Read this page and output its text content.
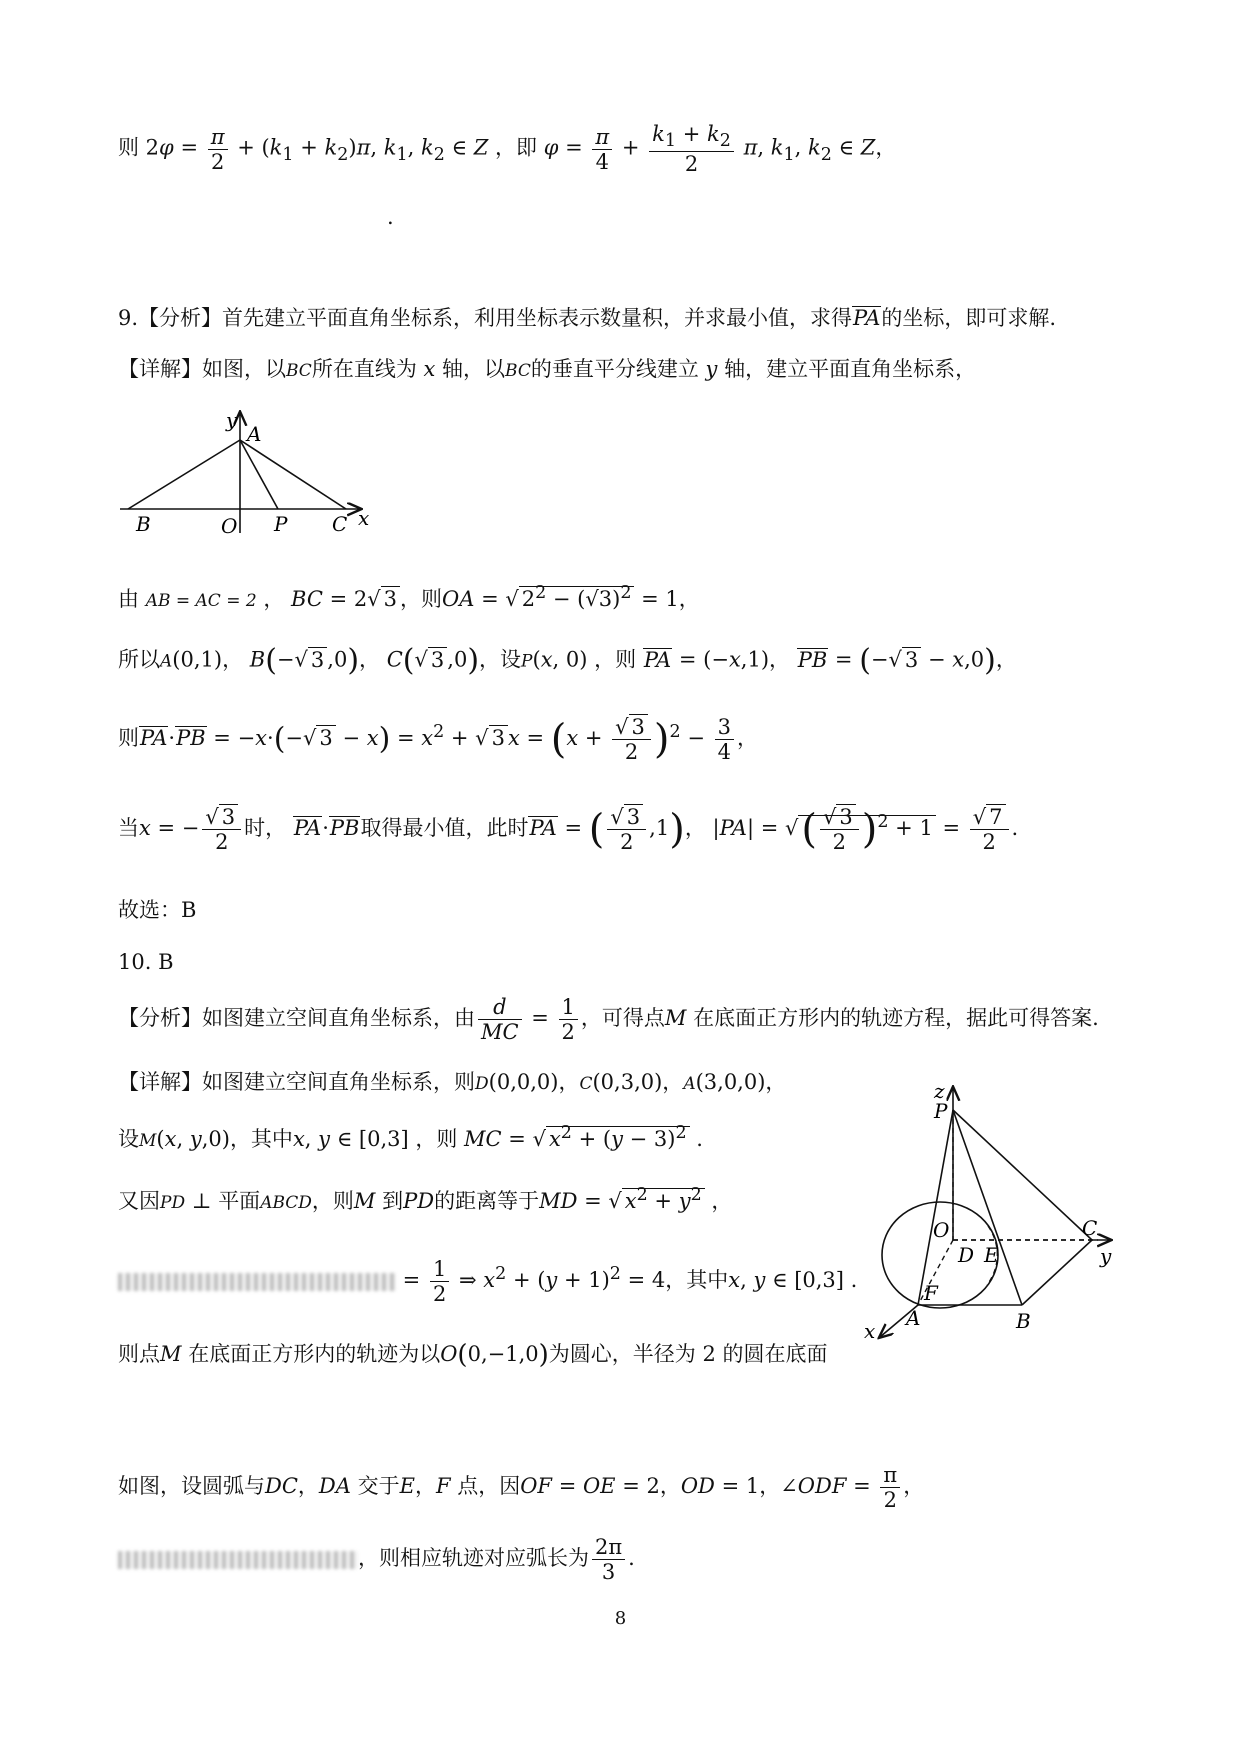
则 $2\varphi = \frac{\pi}{2} + (k_1 + k_2)\pi$, $k_1$, $k_2$ ∈ Z ，即 $\varphi = \frac{\pi}{4} + \frac{k_1 + k_2}{2} \pi$, $k_1$, $k_2$ ∈ Z，
.
9.【分析】首先建立平面直角坐标系，利用坐标表示数量积，并求最小值，求得PA的坐标，即可求解.
【详解】如图，以BC所在直线为 x 轴，以BC的垂直平分线建立 y 轴，建立平面直角坐标系，
y
A
B	O P C x
由 AB = AC = 2 ， BC = 2√ 3 ，则OA = √ $2^2 - (√3)^2 = 1$，
所以A(0,1)， B(−√ 3 ,0)， C(√ 3 ,0)，设P(x, 0) ，则 PA = (−x,1)， PB = (−√ 3 − x,0)，
则PA·PB = −x·(−√ $3 - x) = x^2$ + √ 3 $x = (x + \frac{√ 3}{2} )^2 - \frac{3}{4}$ ，
当x = − $\frac{√ 3}{2}$ 时， PA·PB取得最小值，此时PA = ( $\frac{√ 3}{2} ,1$)， |PA| = √( $\frac{√ 3}{2} )^2 + 1 = \frac{√ 7}{2}$ .
故选：B
10. B
【分析】如图建立空间直角坐标系，由 $\frac{d}{MC} = \frac{1}{2}$ ，可得点M 在底面正方形内的轨迹方程，据此可得答案.
【详解】如图建立空间直角坐标系，则D(0,0,0)，C(0,3,0)，A(3,0,0)，
设M(x, y,0)，其中x, y ∈ [0,3] ，则 MC = √ $x^2 + (y - 3)^2$ .
又因PD ⊥ 平面ABCD，则M 到PD的距离等于MD = √ $x^2 + y^2$ ，
= $\frac{1}{2}$ ⇒ $x^2 + (y + 1)^2 = 4$，其中x, y ∈ [0,3] .
则点M 在底面正方形内的轨迹为以O(0,−1,0)为圆心，半径为 2 的圆在底面
如图，设圆弧与DC，DA 交于E，F 点，因OF = OE = 2，OD = 1，∠ODF = $\frac{\pi}{2}$ ，
，则相应轨迹对应弧长为 $\frac{2\pi}{3}$ .
z
P
O	C
y
D E
F
A	B
x
8
